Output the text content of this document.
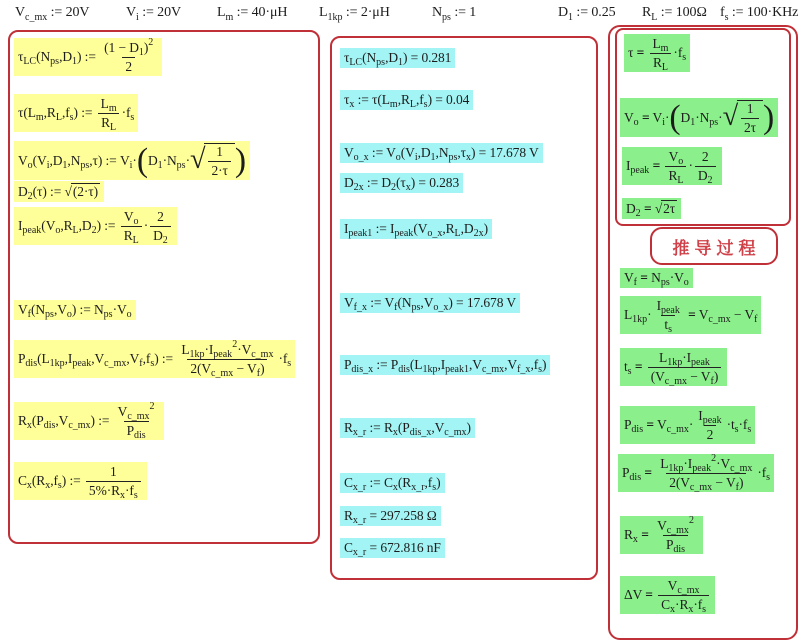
推导过程
$V_{c\_mx}$ := 20V	$V_i$ := 20V	$L_m$ := 40·μH $L_{1kp}$ := 2·μH	$N_{ps}$ := 1	$D_1$ := 0.25 $R_L$ := 100Ω $f_s$ := 100·KHz
$\tau_{LC}$ ($N_{ps}$ $,D_1$ ) := $\frac{(1 - D_1 )^2}{2}$
$\tau(L_m$ $,R_L$ $,f_s$ ) := $\frac{L_m}{R_L} \cdot f_s$
$V_o$ ($V_i$ $,D_1$ $,N_{ps}$ ,τ) := $V_i$ · ( $D_1 \cdot N_{ps}$ · √ $\frac{1}{2\cdot\tau}$ )
$D_2$ (τ) := √ (2·τ)
$I_{peak}$ ($V_o$ $,R_L$ $,D_2$ ) := $\frac{V_o}{R_L} \cdot \frac{2}{D_2}$
$V_f$ ($N_{ps}$ $,V_o$ ) := $N_{ps} \cdot V_o$
$P_{dis}$ ($L_{1kp}$ $,I_{peak}$ $,V_{c\_mx}$ $,V_f$ $,f_s$ ) := $L_{1kp} \cdot I_{peak}$
$^2 \cdot V_{c\_mx}$
$2(V_{c\_mx} - V_f$ ) $\cdot f_s$
$R_x$ ($P_{dis}$ $,V_{c\_mx}$ ) := $V_{c\_mx}$
$^2$
$P_{dis}$
$C_x$ ($R_x$ $,f_s$ ) := $\frac{1}{5\%\cdot R_x \cdot f_s}$
$\tau_{LC}$ ($N_{ps}$ $,D_1$ ) = 0.281
$\tau_x$ := $\tau(L_m$ $,R_L$ $,f_s$ ) = 0.04
$V_{o\_x}$ := $V_o$ ($V_i$ $,D_1$ $,N_{ps}$ $,\tau_x$ ) = 17.678 V
$D_{2x}$ := $D_2$ ($\tau_x$ ) = 0.283
$I_{peak1}$ := $I_{peak}$ ($V_{o\_x}$ $,R_L$ $,D_{2x}$ )
$V_{f\_x}$ := $V_f$ ($N_{ps}$ $,V_{o\_x}$ ) = 17.678 V
$P_{dis\_x}$ := $P_{dis}$ ($L_{1kp}$ $,I_{peak1}$ $,V_{c\_mx}$ $,V_{f\_x}$ $,f_s$ )
$R_{x\_r}$ := $R_x$ ($P_{dis\_x}$ $,V_{c\_mx}$ )
$C_{x\_r}$ := $C_x$ ($R_{x\_r}$ $,f_s$ )
$R_{x\_r} = 297.258$ Ω
$C_{x\_r} = 672.816$ nF
τ =
$\frac{L_m}{R_L} \cdot f_s$
$V_o$
= $V_i$ · ( $D_1 \cdot N_{ps}$ · √ $\frac{1}{2\tau}$ )
$I_{peak}$
=
$\frac{V_o}{R_L} \cdot \frac{2}{D_2}$
$D_2$
=
√ 2τ
$V_f$
= $N_{ps} \cdot V_o$
$L_{1kp} \cdot \frac{I_{peak}}{t_s}$
= $V_{c\_mx} - V_f$
$t_s$
=
$\frac{L_{1kp} \cdot I_{peak}}{(V_{c\_mx} - V_f )}$
$P_{dis}$
= $V_{c\_mx} \cdot \frac{I_{peak}}{2} \cdot t_s \cdot f_s$
$P_{dis}$
=
$L_{1kp} \cdot I_{peak}$
$^2 \cdot V_{c\_mx}$
$2(V_{c\_mx} - V_f$ ) $\cdot f_s$
$R_x$
=
$V_{c\_mx}$
$^2$
$P_{dis}$
ΔV =
$\frac{V_{c\_mx}}{C_x \cdot R_x \cdot f_s}$
